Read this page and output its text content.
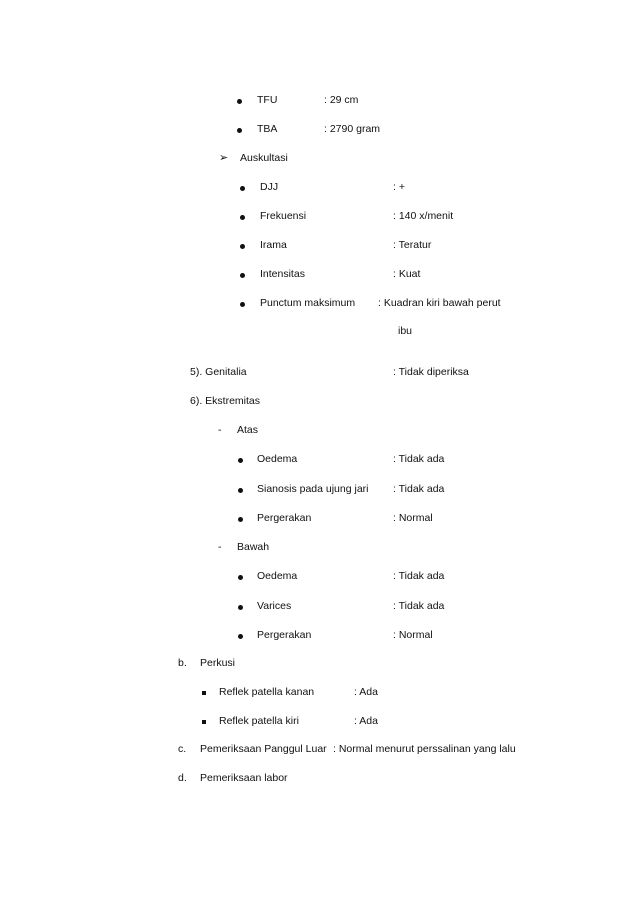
TFU	: 29 cm
TBA	: 2790 gram
➢ Auskultasi
DJJ	: +
Frekuensi	: 140 x/menit
Irama	: Teratur
Intensitas	: Kuat
Punctum maksimum : Kuadran kiri bawah perut
ibu
5). Genitalia	: Tidak diperiksa
6). Ekstremitas
- Atas
Oedema	: Tidak ada
Sianosis pada ujung jari : Tidak ada
Pergerakan	: Normal
- Bawah
Oedema	: Tidak ada
Varices	: Tidak ada
Pergerakan	: Normal
b. Perkusi
Reflek patella kanan	: Ada
Reflek patella kiri	: Ada
c. Pemeriksaan Panggul Luar : Normal menurut perssalinan yang lalu
d. Pemeriksaan labor
